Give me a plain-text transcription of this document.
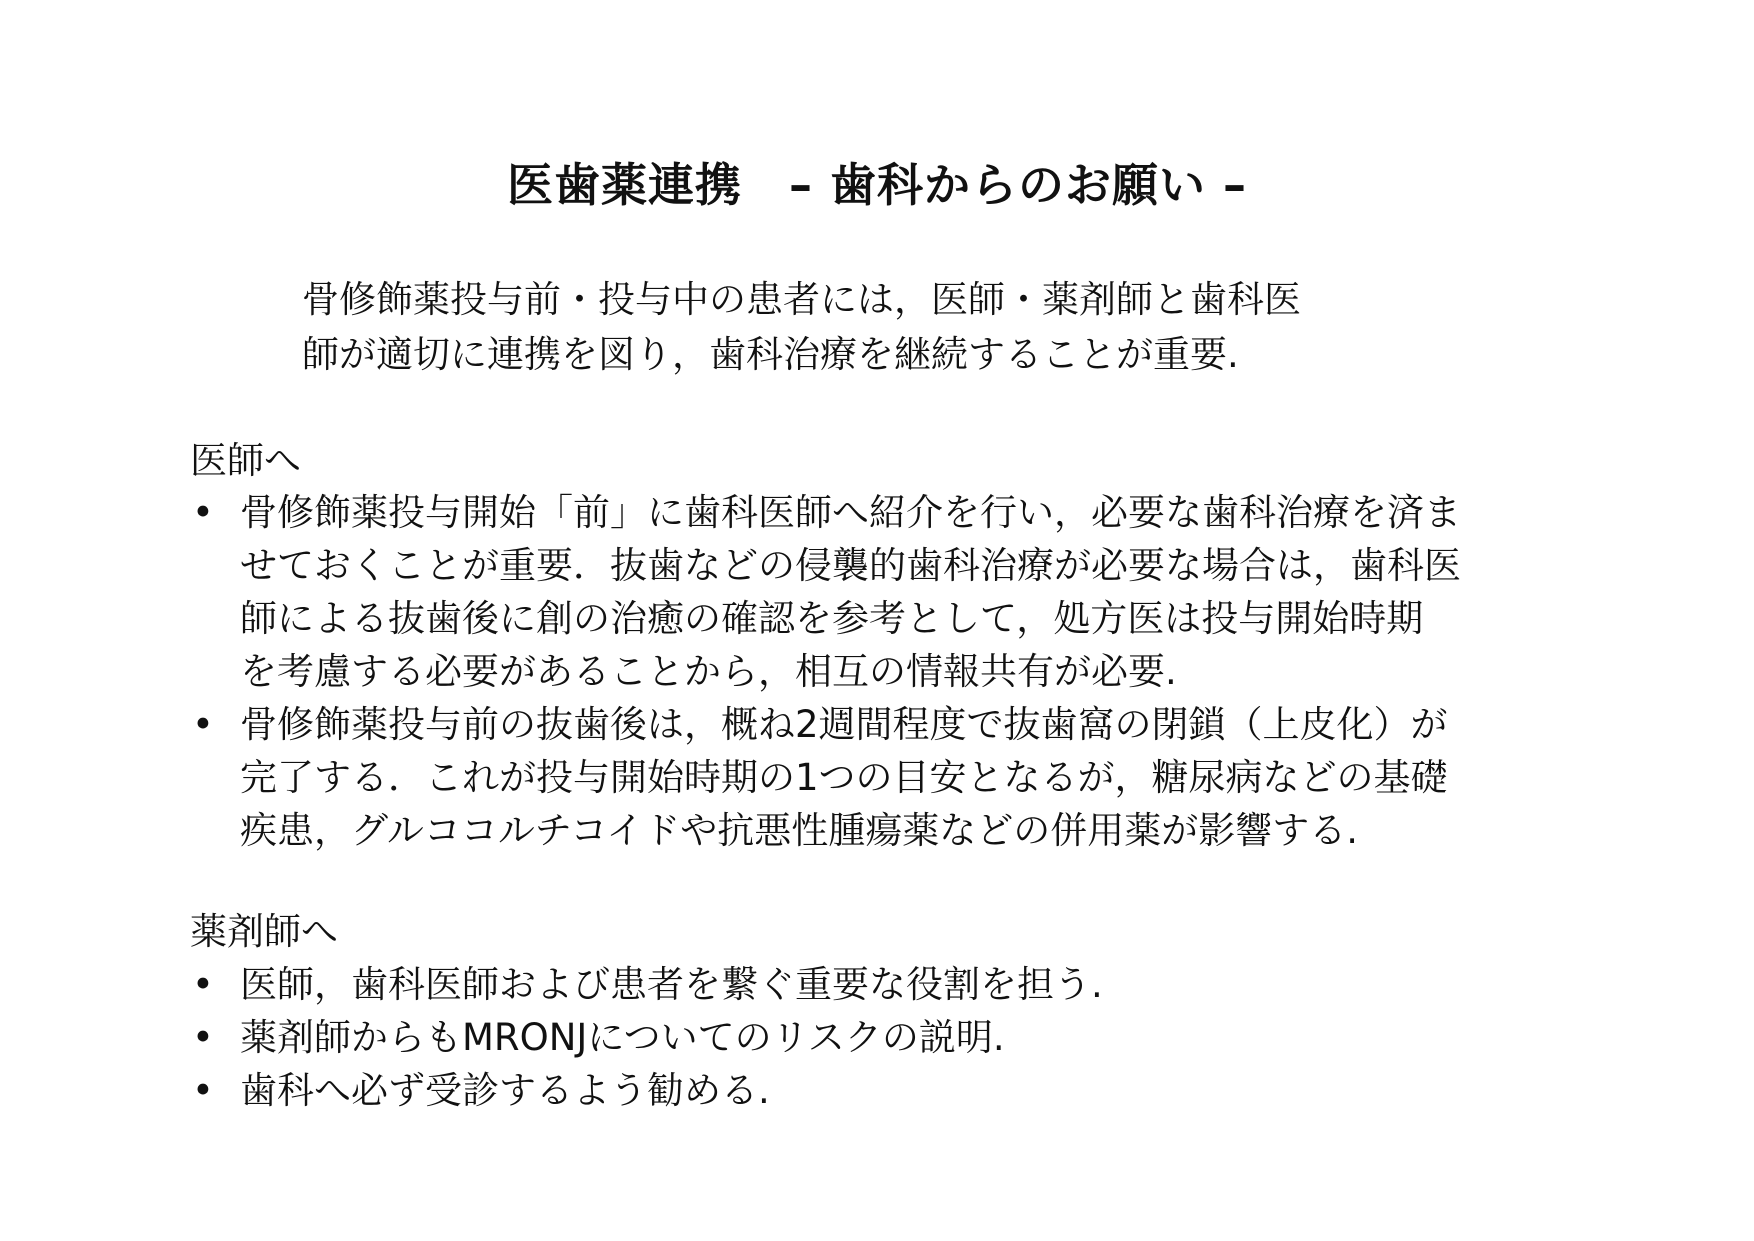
医歯薬連携　– 歯科からのお願い –
骨修飾薬投与前・投与中の患者には，医師・薬剤師と歯科医
師が適切に連携を図り，歯科治療を継続することが重要.
医師へ
• 骨修飾薬投与開始「前」に歯科医師へ紹介を行い，必要な歯科治療を済ま
せておくことが重要．抜歯などの侵襲的歯科治療が必要な場合は，歯科医
師による抜歯後に創の治癒の確認を参考として，処方医は投与開始時期
を考慮する必要があることから，相互の情報共有が必要.
• 骨修飾薬投与前の抜歯後は，概ね2週間程度で抜歯窩の閉鎖（上皮化）が
完了する．これが投与開始時期の1つの目安となるが，糖尿病などの基礎
疾患，グルココルチコイドや抗悪性腫瘍薬などの併用薬が影響する.
薬剤師へ
• 医師，歯科医師および患者を繋ぐ重要な役割を担う.
• 薬剤師からもMRONJについてのリスクの説明.
• 歯科へ必ず受診するよう勧める.
